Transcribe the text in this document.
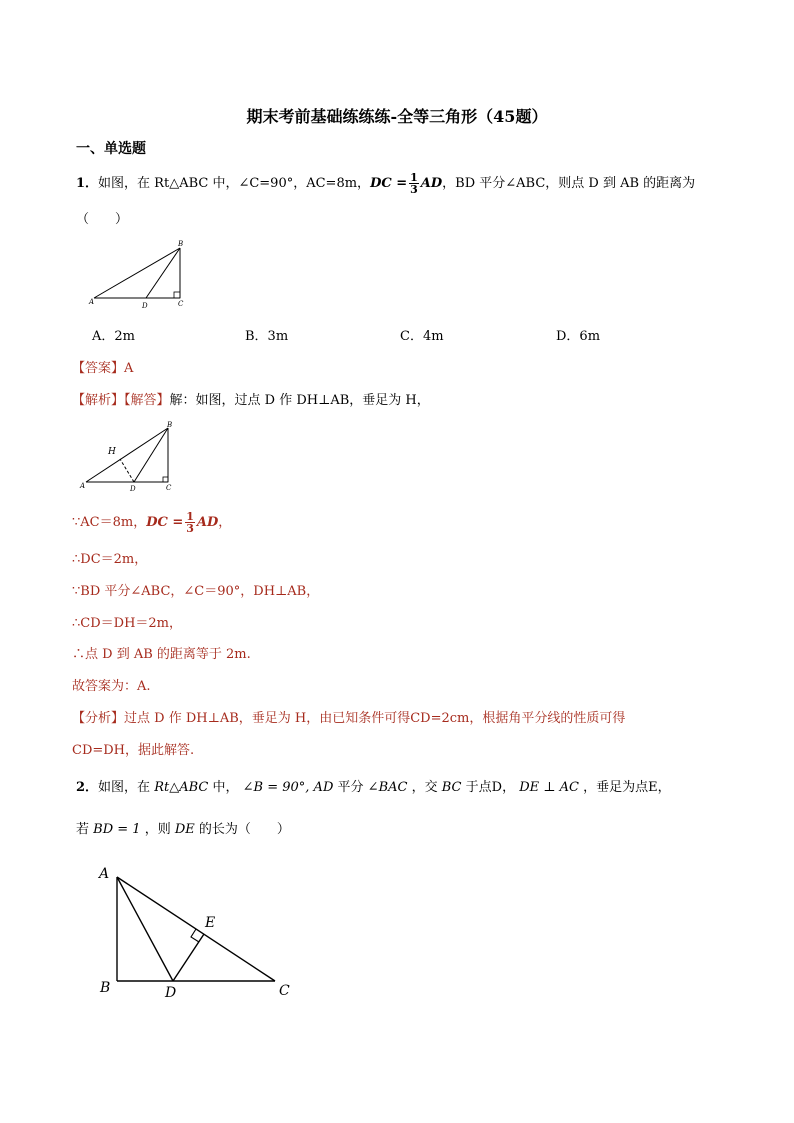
期末考前基础练练练-全等三角形（45题）
一、单选题
1．如图，在 Rt△ABC 中，∠C=90°，AC=8m，DC = $\frac{1}{3}$ AD，BD 平分∠ABC，则点 D 到 AB 的距离为
（　　）
A
B
C
D
A．2m	B．3m	C．4m	D．6m
【答案】A
【解析】【解答】解：如图，过点 D 作 DH⊥AB，垂足为 H，
A
B
C
D
H
∵AC＝8m，DC = $\frac{1}{3}$ AD，
∴DC＝2m，
∵BD 平分∠ABC，∠C＝90°，DH⊥AB，
∴CD＝DH＝2m，
∴点 D 到 AB 的距离等于 2m.
故答案为：A.
【分析】过点 D 作 DH⊥AB，垂足为 H，由已知条件可得CD=2cm，根据角平分线的性质可得
CD=DH，据此解答.
2．如图，在 Rt△ABC 中， ∠B = 90°, AD 平分 ∠BAC ，交 BC 于点D， DE ⊥ AC ，垂足为点E，
若 BD = 1 ，则 DE 的长为（　　）
A
B	C
D
E
